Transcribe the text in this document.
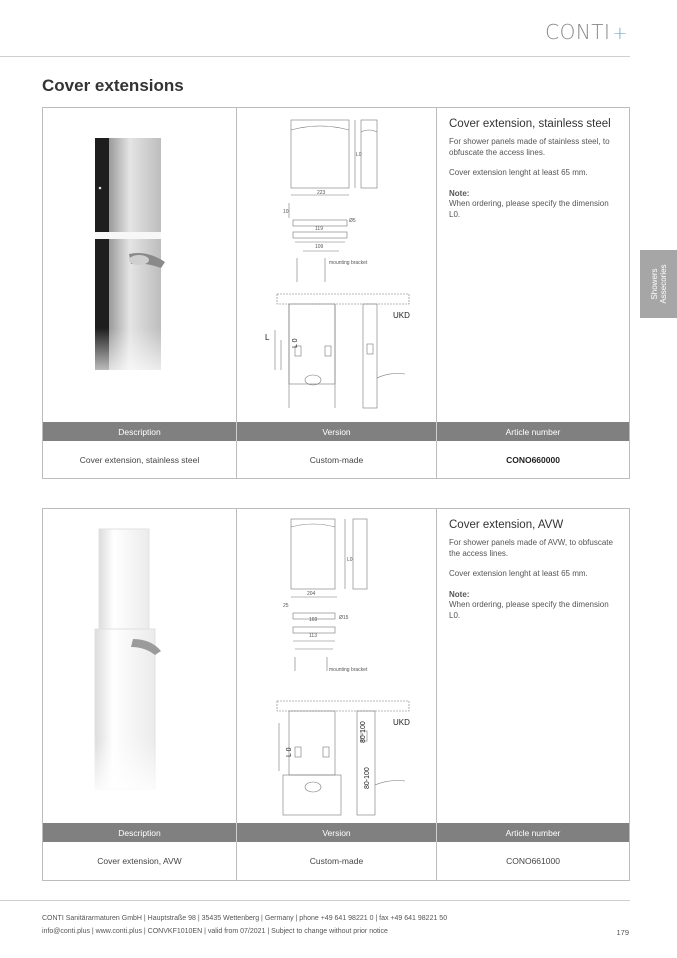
CONTI +
Cover extensions
Showers
Assecories
223
L0
10
119
Ø5
109
mounting bracket
UKD
L
L 0
Cover extension, stainless steel

For shower panels made of stainless steel, to obfuscate the access lines.

Cover extension lenght at least 65 mm.

Note:
When ordering, please specify the dimension L0.
Description	Version	Article number
Cover extension, stainless steel	Custom-made	CONO660000
204
L0
25
169	Ø15
113
mounting bracket
UKD
L 0
80-100
80-100
Cover extension, AVW

For shower panels made of AVW, to obfuscate the access lines.

Cover extension lenght at least 65 mm.

Note:
When ordering, please specify the dimension L0.
Description	Version	Article number
Cover extension, AVW	Custom-made	CONO661000
CONTI Sanitärarmaturen GmbH | Hauptstraße 98 | 35435 Wettenberg | Germany | phone +49 641 98221 0 | fax +49 641 98221 50
info@conti.plus | www.conti.plus | CONVKF1010EN | valid from 07/2021 | Subject to change without prior notice	179
